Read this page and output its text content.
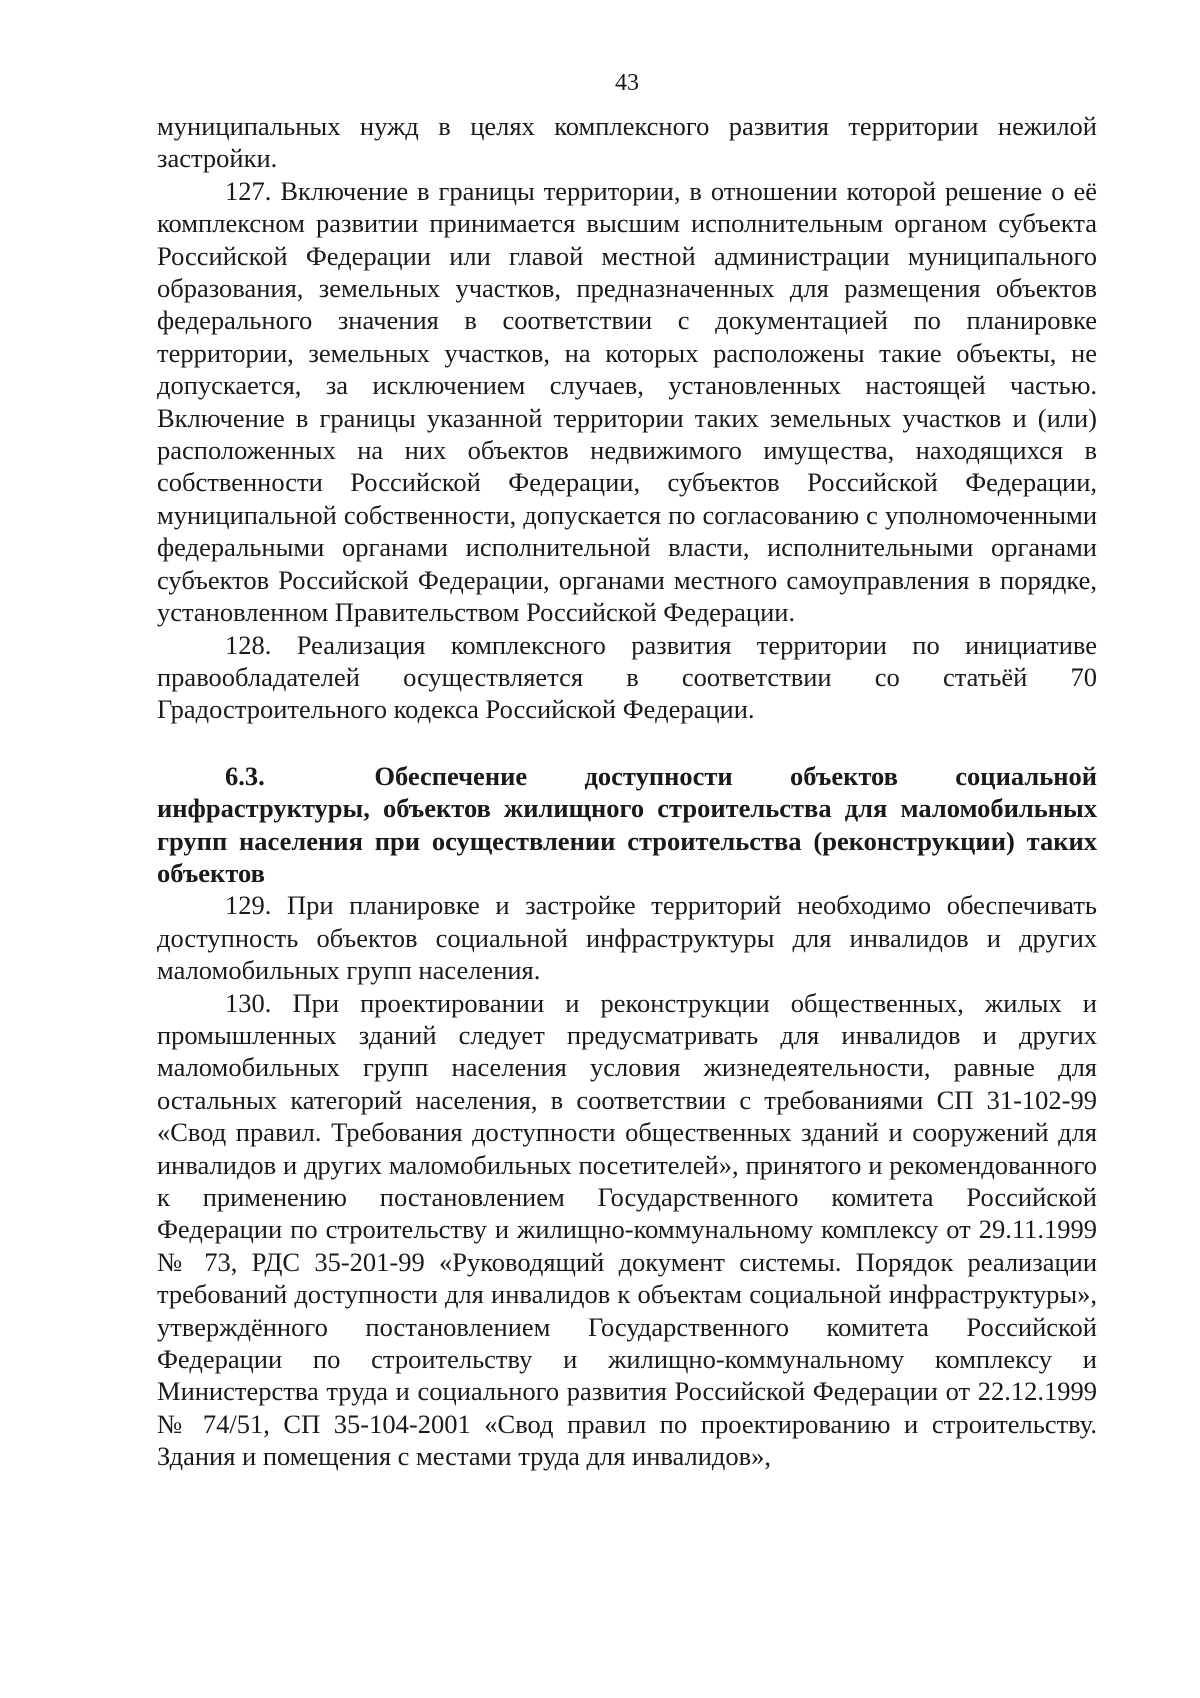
43

муниципальных нужд в целях комплексного развития территории нежилой застройки.

127. Включение в границы территории, в отношении которой решение о её комплексном развитии принимается высшим исполнительным органом субъекта Российской Федерации или главой местной администрации муниципального образования, земельных участков, предназначенных для размещения объектов федерального значения в соответствии с документацией по планировке территории, земельных участков, на которых расположены такие объекты, не допускается, за исключением случаев, установленных настоящей частью. Включение в границы указанной территории таких земельных участков и (или) расположенных на них объектов недвижимого имущества, находящихся в собственности Российской Федерации, субъектов Российской Федерации, муниципальной собственности, допускается по согласованию с уполномоченными федеральными органами исполнительной власти, исполнительными органами субъектов Российской Федерации, органами местного самоуправления в порядке, установленном Правительством Российской Федерации.

128. Реализация комплексного развития территории по инициативе правообладателей осуществляется в соответствии со статьёй 70 Градостроительного кодекса Российской Федерации.

6.3.	Обеспечение доступности объектов социальной инфраструктуры, объектов жилищного строительства для маломобильных групп населения при осуществлении строительства (реконструкции) таких объектов

129. При планировке и застройке территорий необходимо обеспечивать доступность объектов социальной инфраструктуры для инвалидов и других маломобильных групп населения.

130. При проектировании и реконструкции общественных, жилых и промышленных зданий следует предусматривать для инвалидов и других маломобильных групп населения условия жизнедеятельности, равные для остальных категорий населения, в соответствии с требованиями СП 31-102-99 «Свод правил. Требования доступности общественных зданий и сооружений для инвалидов и других маломобильных посетителей», принятого и рекомендованного к применению постановлением Государственного комитета Российской Федерации по строительству и жилищно-коммунальному комплексу от 29.11.1999 № 73, РДС 35-201-99 «Руководящий документ системы. Порядок реализации требований доступности для инвалидов к объектам социальной инфраструктуры», утверждённого постановлением Государственного комитета Российской Федерации по строительству и жилищно-коммунальному комплексу и Министерства труда и социального развития Российской Федерации от 22.12.1999 № 74/51, СП 35-104-2001 «Свод правил по проектированию и строительству. Здания и помещения с местами труда для инвалидов»,
